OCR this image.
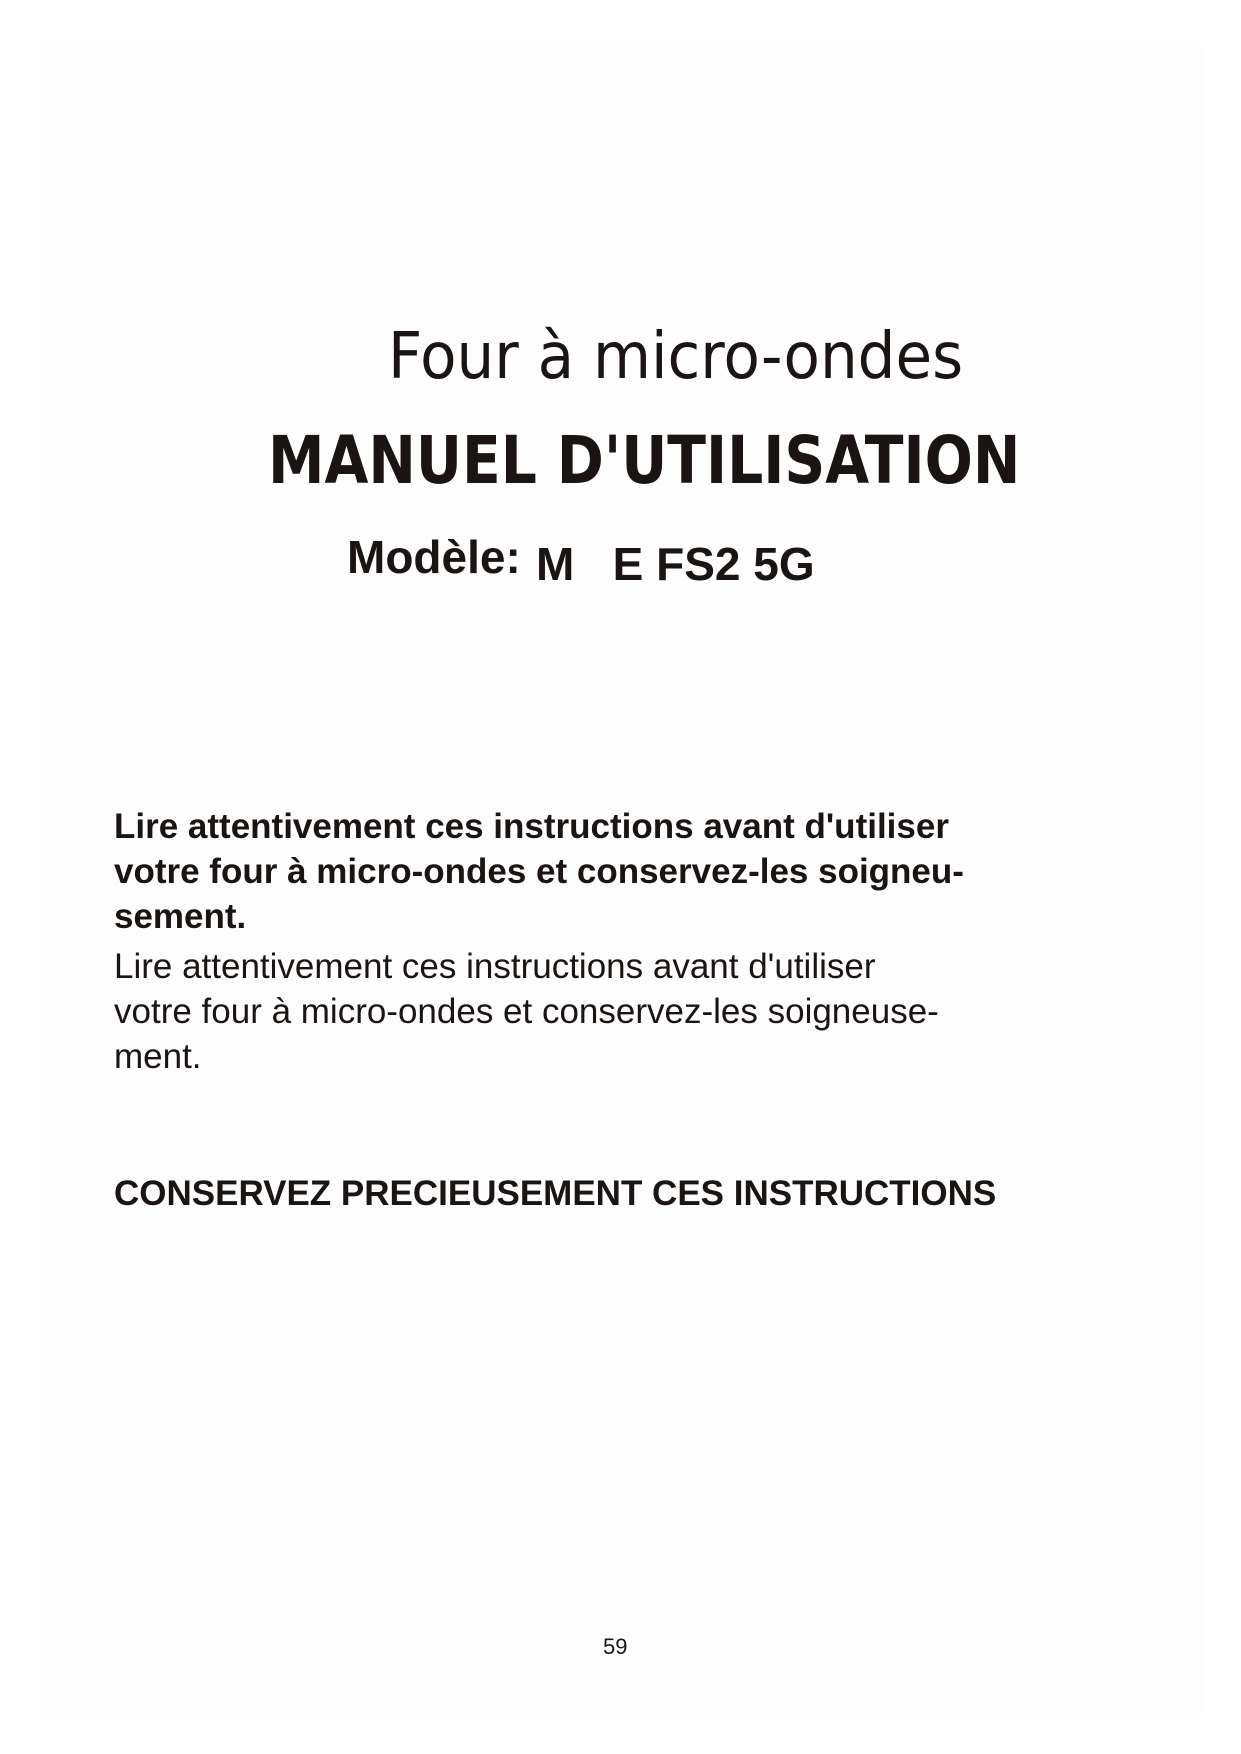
Four à micro-ondes
MANUEL D'UTILISATION
Modèle: M   E FS2 5G

Lire attentivement ces instructions avant d'utiliser
votre four à micro-ondes et conservez-les soigneu-
sement.

Lire attentivement ces instructions avant d'utiliser
votre four à micro-ondes et conservez-les soigneuse-
ment.

CONSERVEZ PRECIEUSEMENT CES INSTRUCTIONS
59
